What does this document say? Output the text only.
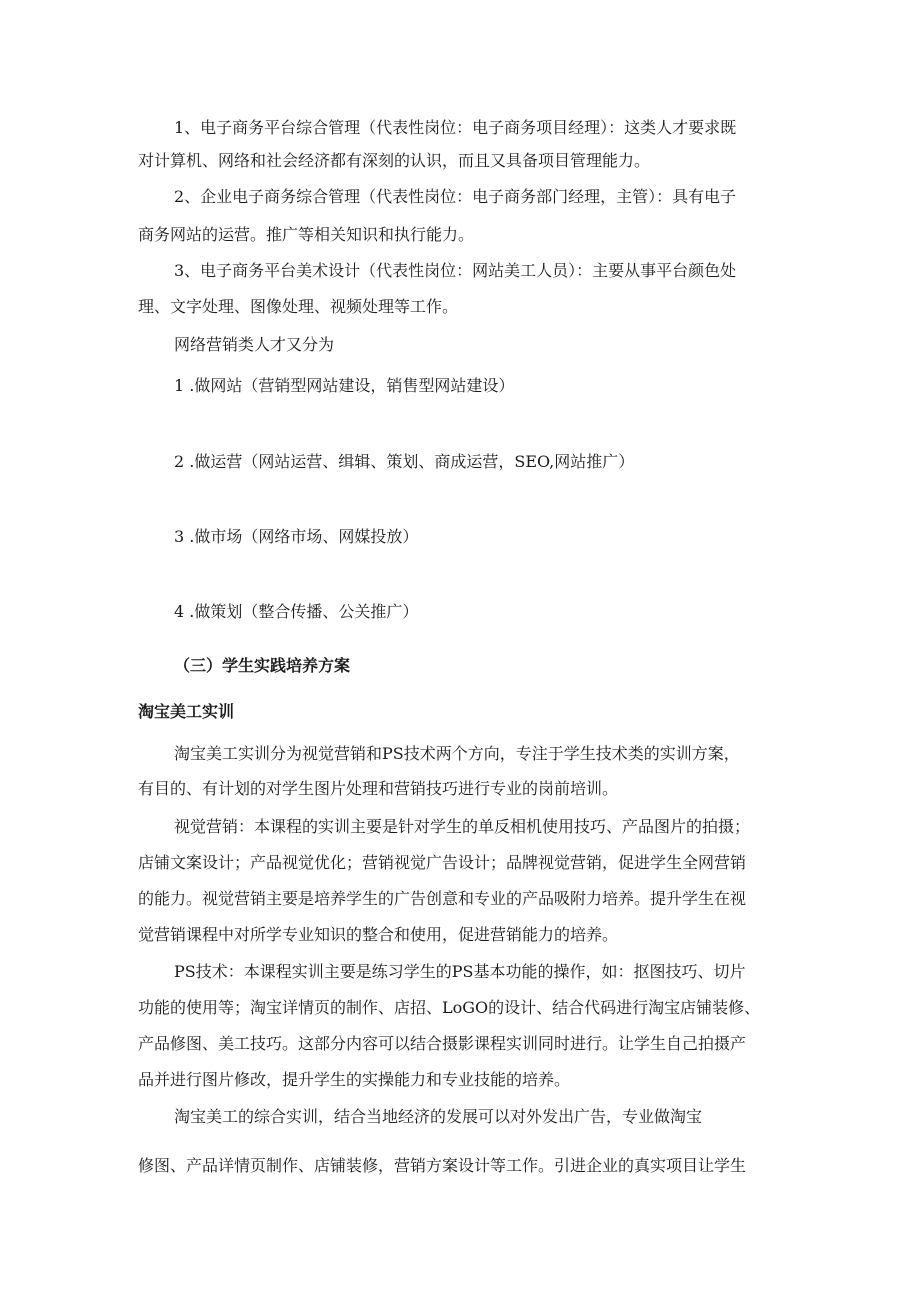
1、电子商务平台综合管理（代表性岗位：电子商务项目经理）：这类人才要求既
对计算机、网络和社会经济都有深刻的认识，而且又具备项目管理能力。
2、企业电子商务综合管理（代表性岗位：电子商务部门经理，主管）：具有电子
商务网站的运营。推广等相关知识和执行能力。
3、电子商务平台美术设计（代表性岗位：网站美工人员）：主要从事平台颜色处
理、文字处理、图像处理、视频处理等工作。
网络营销类人才又分为
1 .做网站（营销型网站建设，销售型网站建设）
2 .做运营（网站运营、缉辑、策划、商成运营，SEO,网站推广）
3 .做市场（网络市场、网媒投放）
4 .做策划（整合传播、公关推广）
（三）学生实践培养方案
淘宝美工实训
淘宝美工实训分为视觉营销和PS技术两个方向，专注于学生技术类的实训方案，
有目的、有计划的对学生图片处理和营销技巧进行专业的岗前培训。
视觉营销：本课程的实训主要是针对学生的单反相机使用技巧、产品图片的拍摄；
店铺文案设计；产品视觉优化；营销视觉广告设计；品牌视觉营销，促进学生全网营销
的能力。视觉营销主要是培养学生的广告创意和专业的产品吸附力培养。提升学生在视
觉营销课程中对所学专业知识的整合和使用，促进营销能力的培养。
PS技术：本课程实训主要是练习学生的PS基本功能的操作，如：抠图技巧、切片
功能的使用等；淘宝详情页的制作、店招、LoGO的设计、结合代码进行淘宝店铺装修、
产品修图、美工技巧。这部分内容可以结合摄影课程实训同时进行。让学生自己拍摄产
品并进行图片修改，提升学生的实操能力和专业技能的培养。
淘宝美工的综合实训，结合当地经济的发展可以对外发出广告，专业做淘宝
修图、产品详情页制作、店铺装修，营销方案设计等工作。引进企业的真实项目让学生
